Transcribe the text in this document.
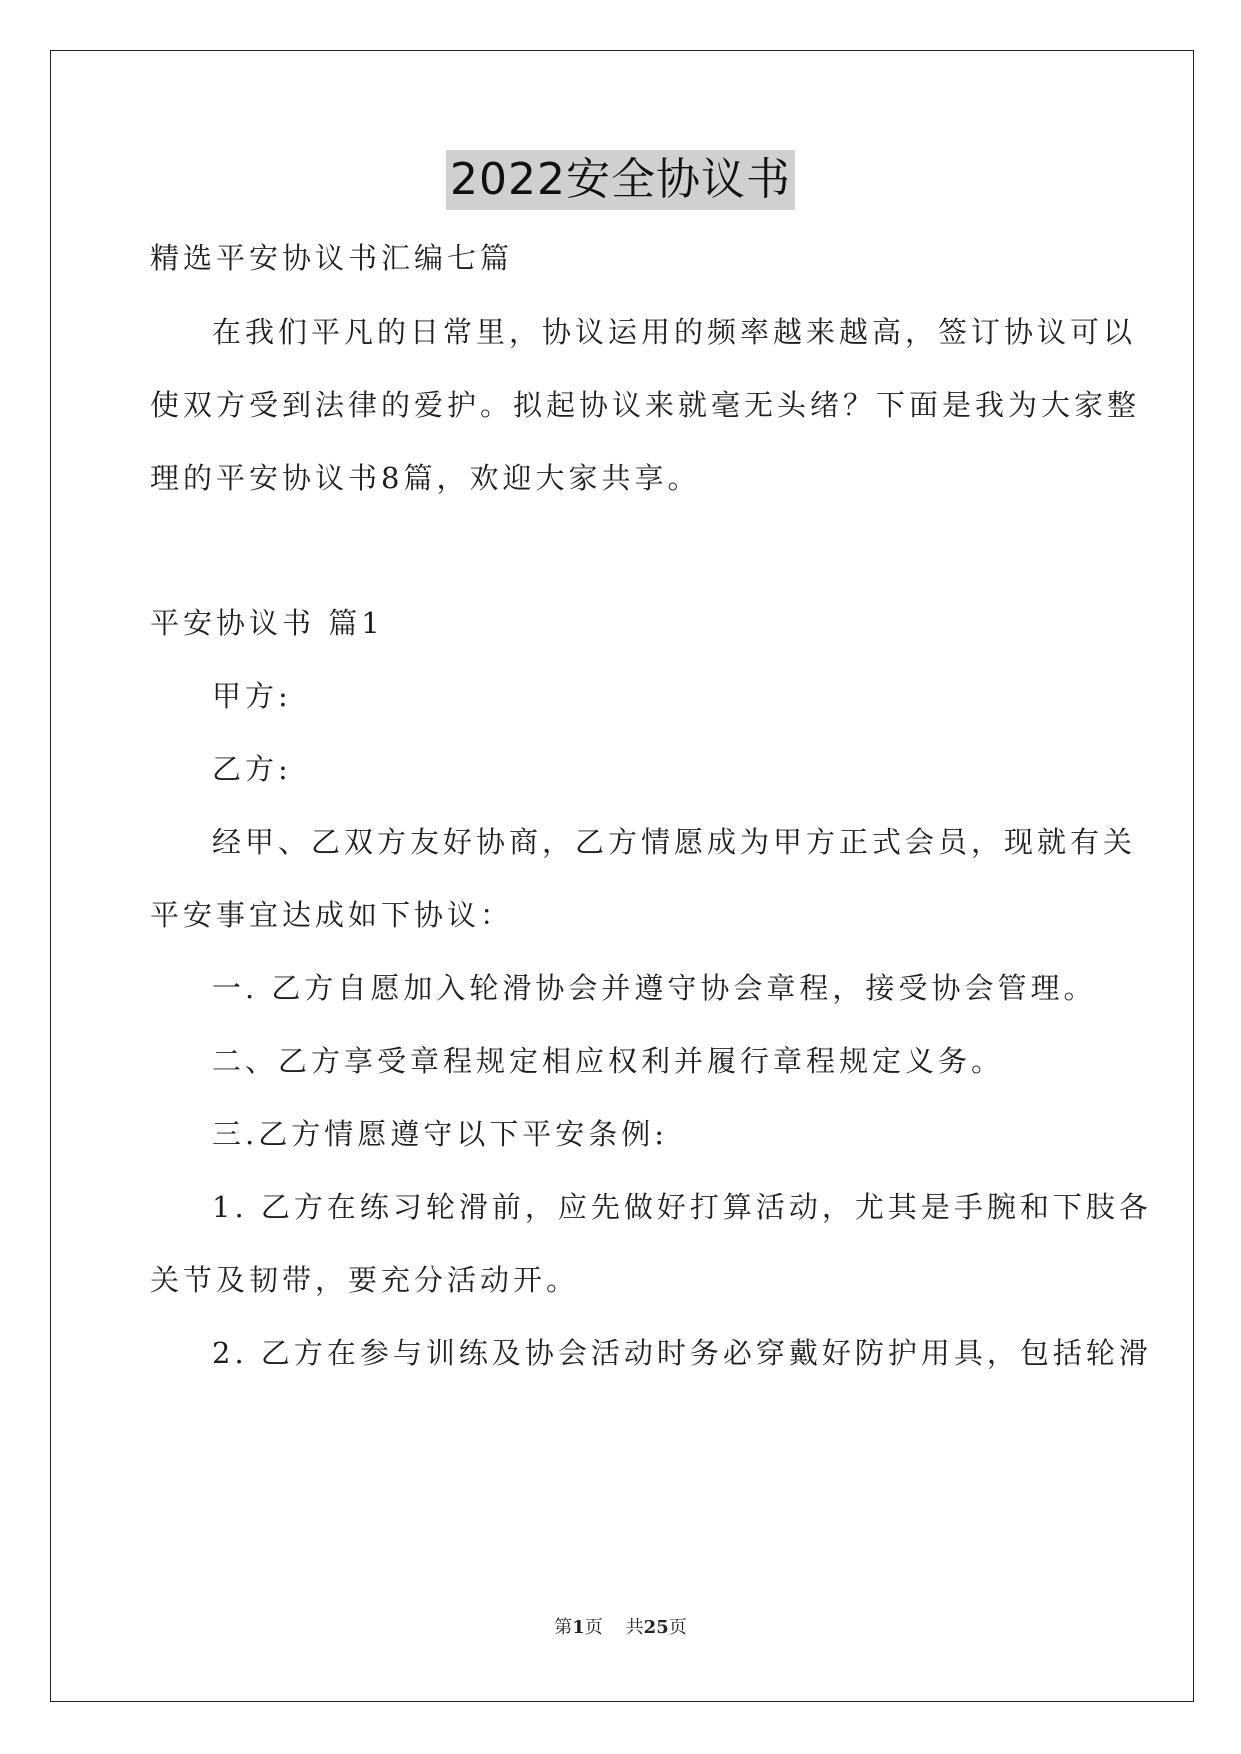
2022安全协议书
精选平安协议书汇编七篇
在我们平凡的日常里，协议运用的频率越来越高，签订协议可以
使双方受到法律的爱护。拟起协议来就毫无头绪？下面是我为大家整
理的平安协议书8篇，欢迎大家共享。
平安协议书 篇1
甲方:
乙方:
经甲、乙双方友好协商，乙方情愿成为甲方正式会员，现就有关
平安事宜达成如下协议：
一. 乙方自愿加入轮滑协会并遵守协会章程，接受协会管理。
二、乙方享受章程规定相应权利并履行章程规定义务。
三.乙方情愿遵守以下平安条例:
1. 乙方在练习轮滑前，应先做好打算活动，尤其是手腕和下肢各
关节及韧带，要充分活动开。
2. 乙方在参与训练及协会活动时务必穿戴好防护用具，包括轮滑
第1页    共25页
